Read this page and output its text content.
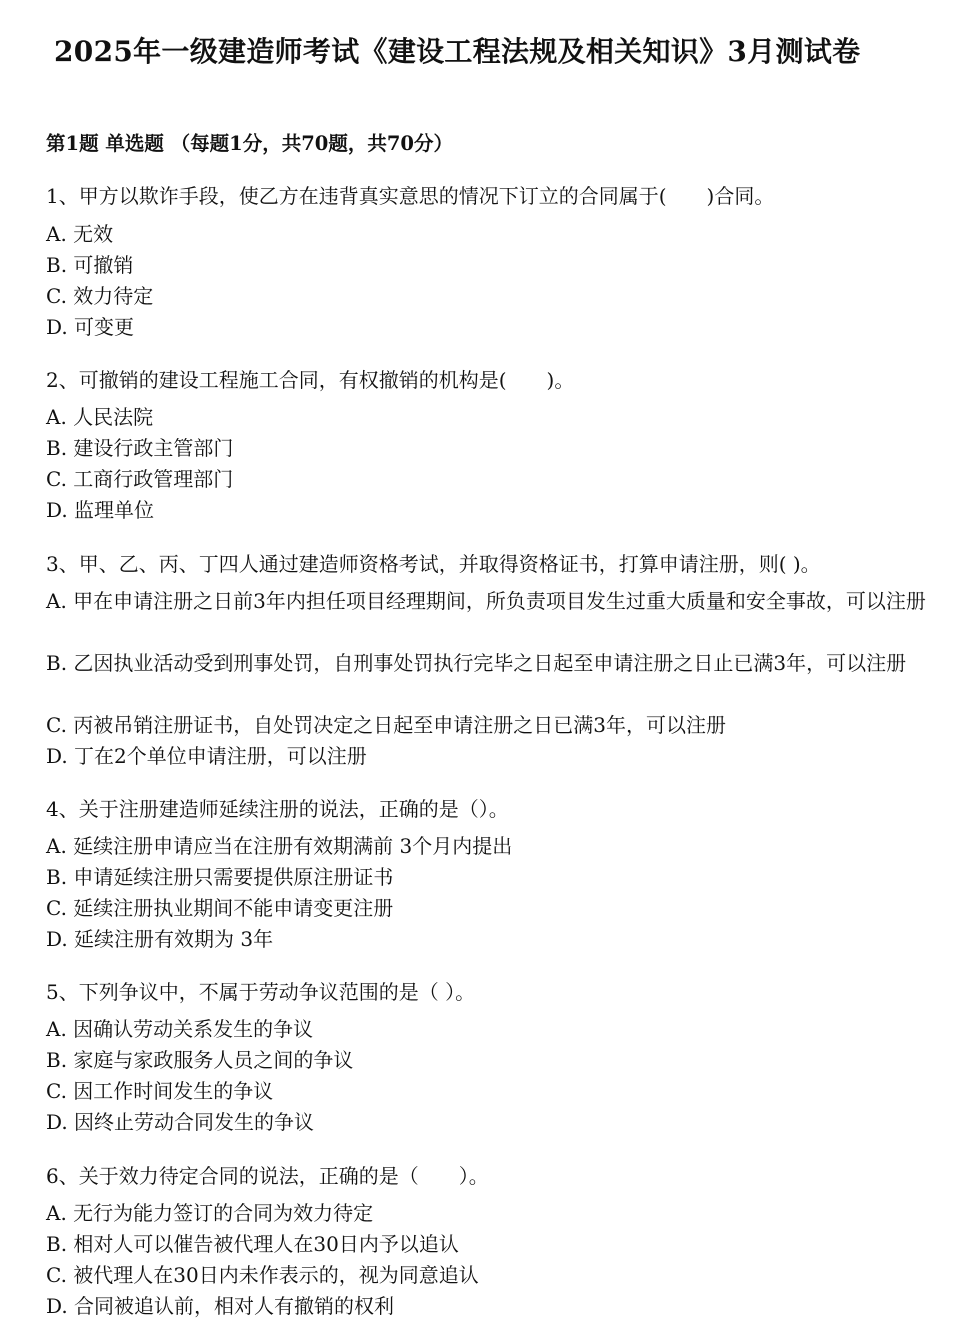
2025年一级建造师考试《建设工程法规及相关知识》3月测试卷
第1题 单选题 （每题1分，共70题，共70分）
1、甲方以欺诈手段，使乙方在违背真实意思的情况下订立的合同属于(　　)合同。
A. 无效
B. 可撤销
C. 效力待定
D. 可变更
2、可撤销的建设工程施工合同，有权撤销的机构是(　　)。
A. 人民法院
B. 建设行政主管部门
C. 工商行政管理部门
D. 监理单位
3、甲、乙、丙、丁四人通过建造师资格考试，并取得资格证书，打算申请注册，则( )。
A. 甲在申请注册之日前3年内担任项目经理期间，所负责项目发生过重大质量和安全事故，可以注册
B. 乙因执业活动受到刑事处罚，自刑事处罚执行完毕之日起至申请注册之日止已满3年，可以注册
C. 丙被吊销注册证书，自处罚决定之日起至申请注册之日已满3年，可以注册
D. 丁在2个单位申请注册，可以注册
4、关于注册建造师延续注册的说法，正确的是（）。
A. 延续注册申请应当在注册有效期满前 3个月内提出
B. 申请延续注册只需要提供原注册证书
C. 延续注册执业期间不能申请变更注册
D. 延续注册有效期为 3年
5、下列争议中，不属于劳动争议范围的是（ ）。
A. 因确认劳动关系发生的争议
B. 家庭与家政服务人员之间的争议
C. 因工作时间发生的争议
D. 因终止劳动合同发生的争议
6、关于效力待定合同的说法，正确的是（　　）。
A. 无行为能力签订的合同为效力待定
B. 相对人可以催告被代理人在30日内予以追认
C. 被代理人在30日内未作表示的，视为同意追认
D. 合同被追认前，相对人有撤销的权利
